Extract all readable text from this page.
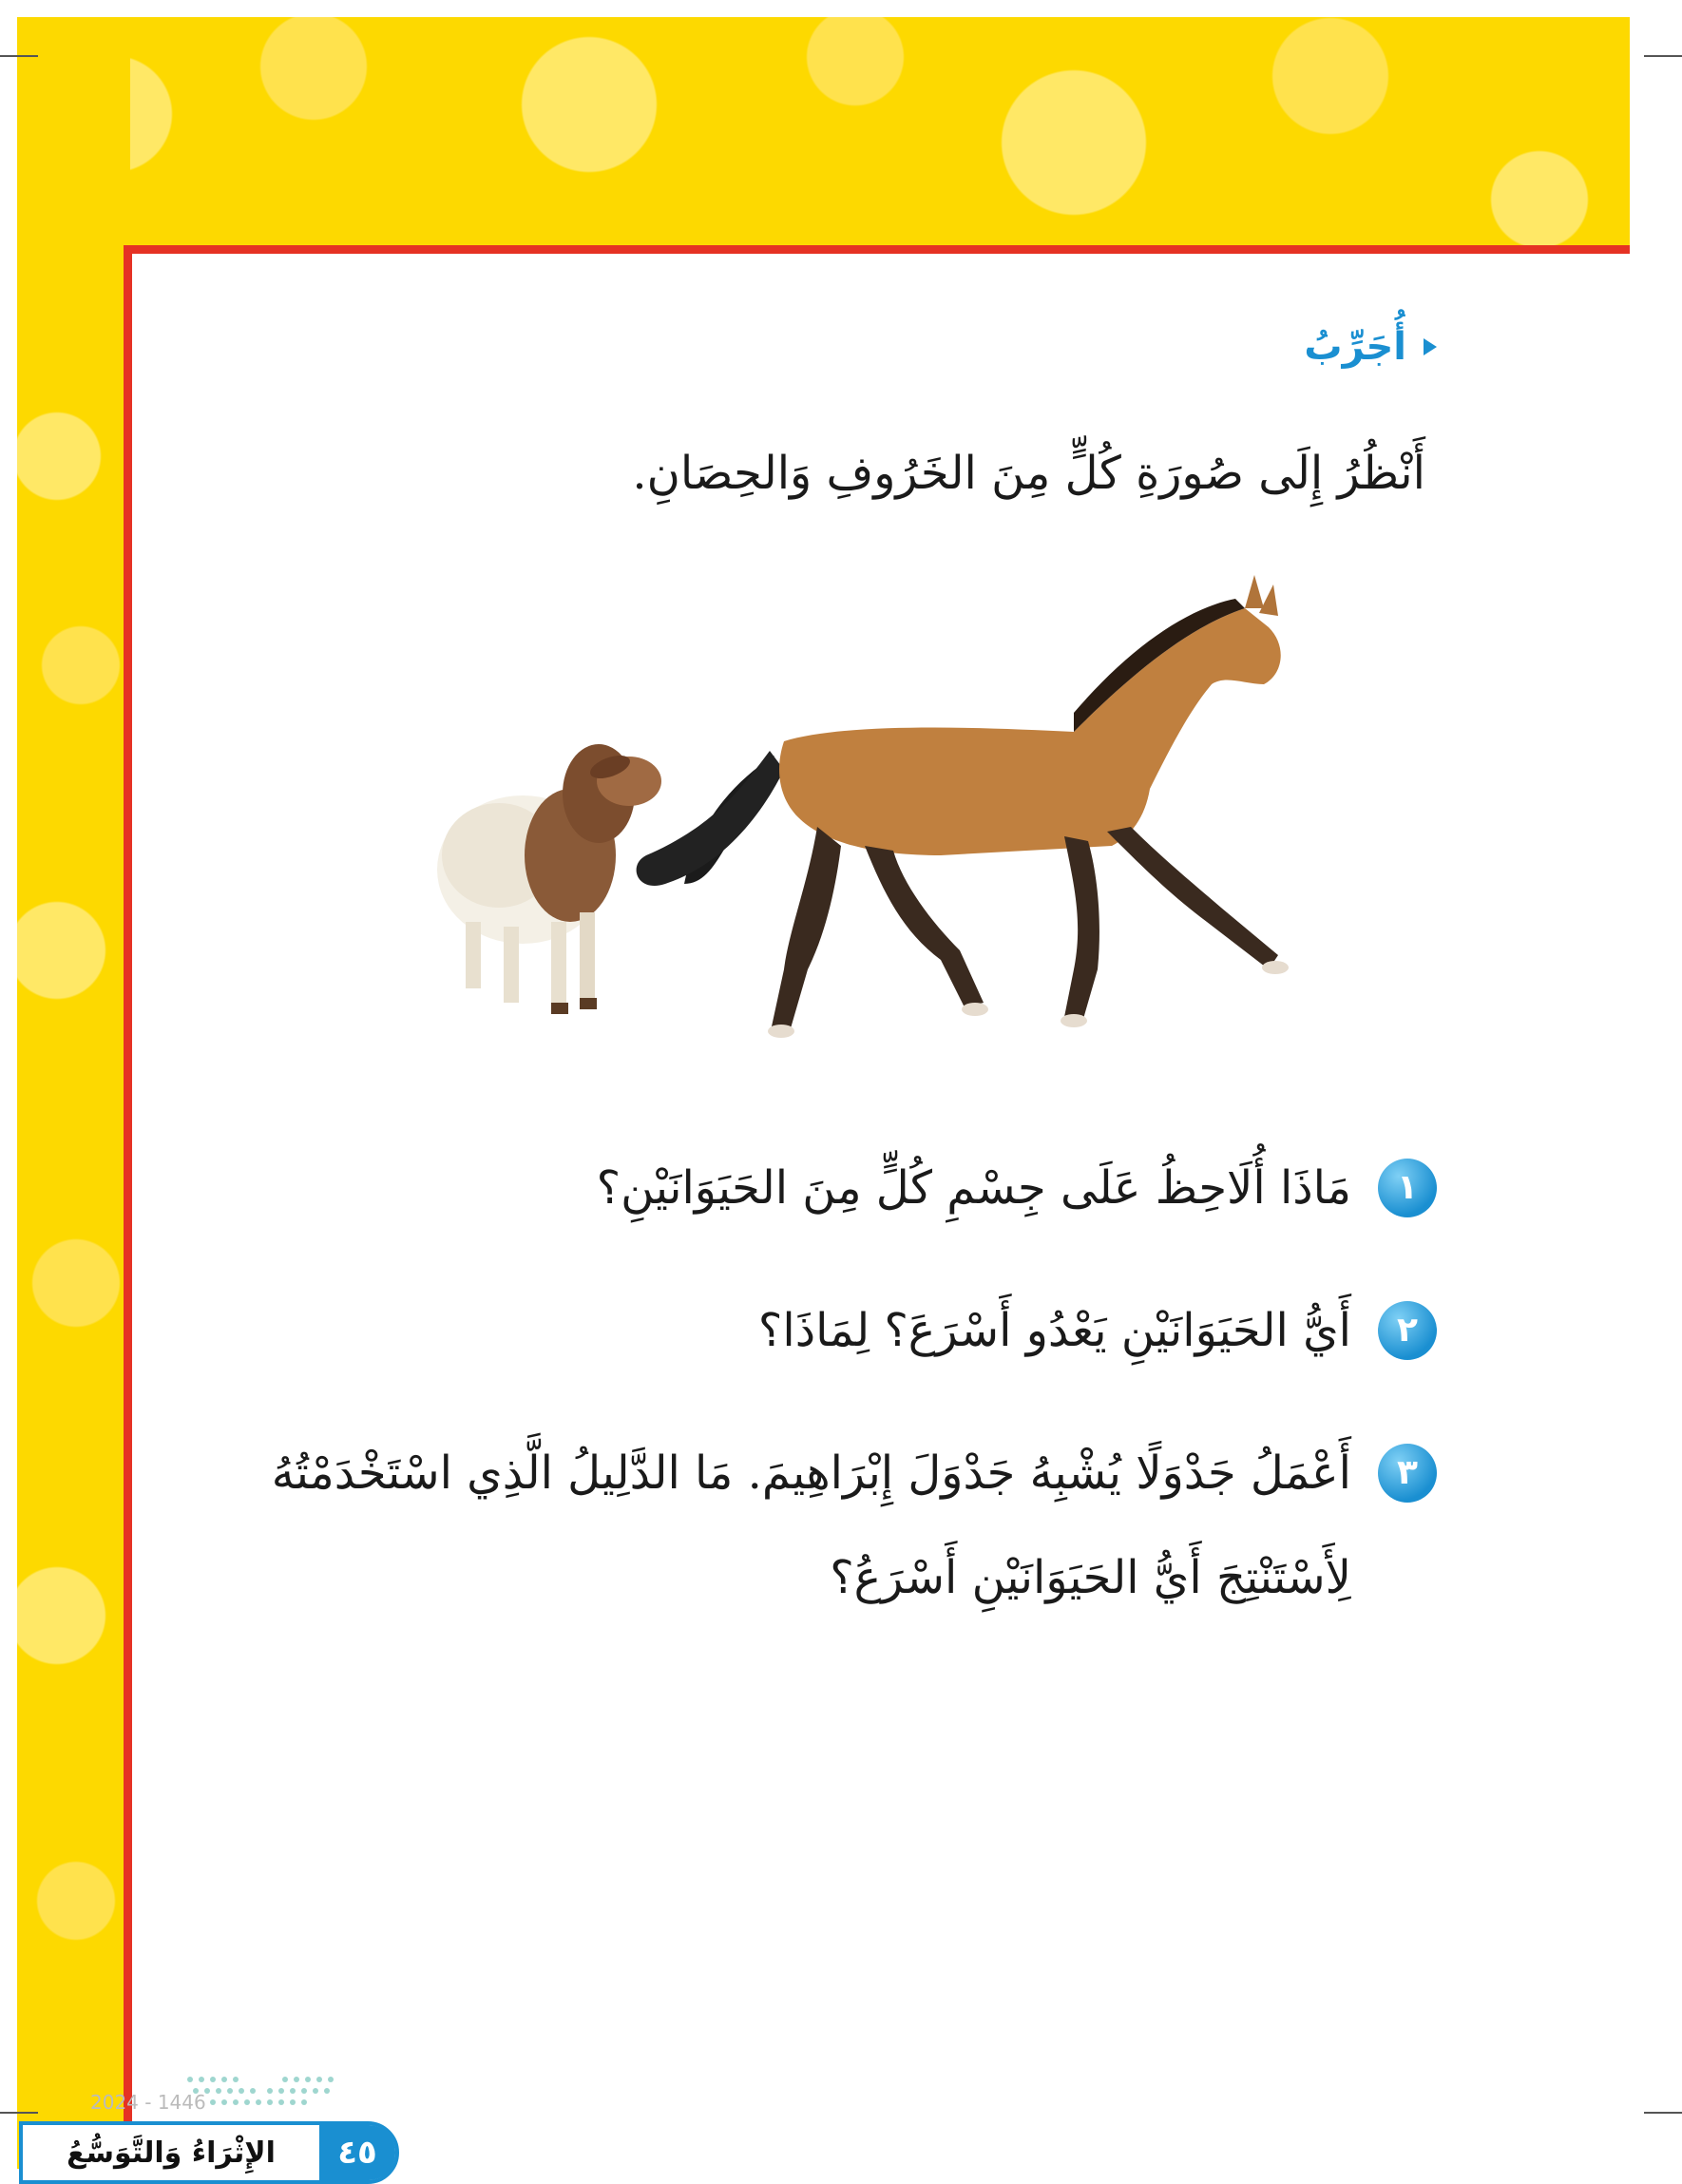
أُجَرِّبُ
أَنْظُرُ إِلَى صُورَةِ كُلٍّ مِنَ الخَرُوفِ وَالحِصَانِ.
١
مَاذَا أُلَاحِظُ عَلَى جِسْمِ كُلٍّ مِنَ الحَيَوَانَيْنِ؟
٢
أَيُّ الحَيَوَانَيْنِ يَعْدُو أَسْرَعَ؟ لِمَاذَا؟
٣
أَعْمَلُ جَدْوَلًا يُشْبِهُ جَدْوَلَ إِبْرَاهِيمَ. مَا الدَّلِيلُ الَّذِي اسْتَخْدَمْتُهُ لِأَسْتَنْتِجَ أَيُّ الحَيَوَانَيْنِ أَسْرَعُ؟
٤٥
الإِثْرَاءُ وَالتَّوَسُّعُ
2024 - 1446
